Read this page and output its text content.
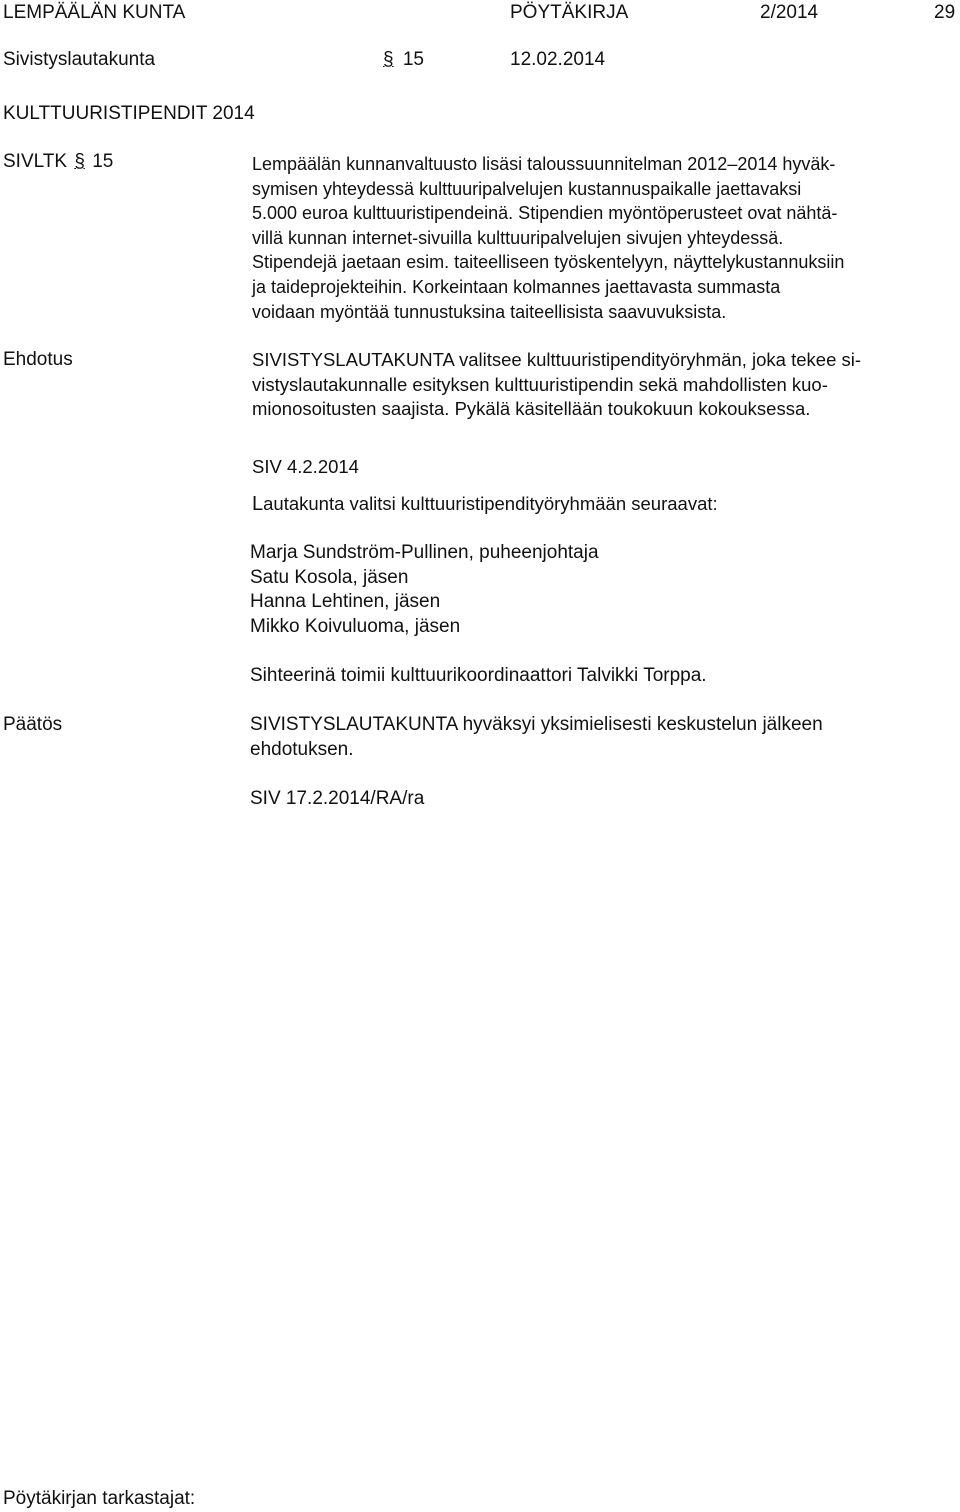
LEMPÄÄLÄN KUNTA	PÖYTÄKIRJA	2/2014	29
Sivistyslautakunta	§ 15	12.02.2014
KULTTUURISTIPENDIT 2014
SIVLTK § 15	Lempäälän kunnanvaltuusto lisäsi taloussuunnitelman 2012–2014 hyväk-
symisen yhteydessä kulttuuripalvelujen kustannuspaikalle jaettavaksi
5.000 euroa kulttuuristipendeinä. Stipendien myöntöperusteet ovat nähtä-
villä kunnan internet-sivuilla kulttuuripalvelujen sivujen yhteydessä.
Stipendejä jaetaan esim. taiteelliseen työskentelyyn, näyttelykustannuksiin
ja taideprojekteihin. Korkeintaan kolmannes jaettavasta summasta
voidaan myöntää tunnustuksina taiteellisista saavuvuksista.
Ehdotus	SIVISTYSLAUTAKUNTA valitsee kulttuuristipendityöryhmän, joka tekee si-
vistyslautakunnalle esityksen kulttuuristipendin sekä mahdollisten kuo-
mionosoitusten saajista. Pykälä käsitellään toukokuun kokouksessa.
SIV 4.2.2014
Lautakunta valitsi kulttuuristipendityöryhmään seuraavat:
Marja Sundström-Pullinen, puheenjohtaja
Satu Kosola, jäsen
Hanna Lehtinen, jäsen
Mikko Koivuluoma, jäsen
Sihteerinä toimii kulttuurikoordinaattori Talvikki Torppa.
Päätös	SIVISTYSLAUTAKUNTA hyväksyi yksimielisesti keskustelun jälkeen
ehdotuksen.
SIV 17.2.2014/RA/ra
Pöytäkirjan tarkastajat:
